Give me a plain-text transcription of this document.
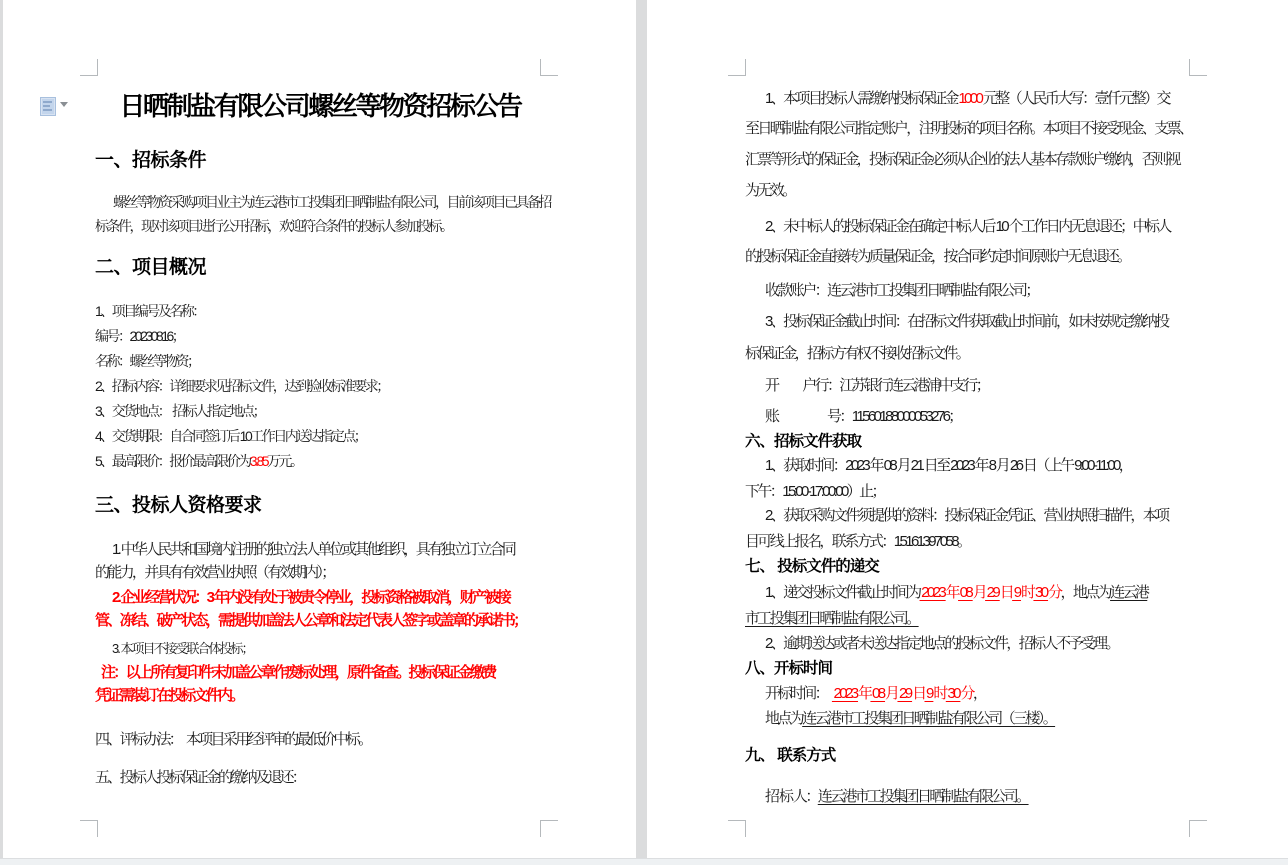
日晒制盐有限公司螺丝等物资招标公告
一、招标条件
螺丝等物资采购项目业主为连云港市工投集团日晒制盐有限公司，目前该项目已具备招
标条件，现对该项目进行公开招标，欢迎符合条件的投标人参加投标。
二、项目概况
1、项目编号及名称：
编号：20230816；
名称：螺丝等物资；
2、招标内容：详细要求见招标文件，达到验收标准要求；
3、交货地点：  招标人指定地点；
4、交货期限：自合同签订后 10工作日内送达指定点；
5、最高限价：报价最高限价为3.85万元。
三、投标人资格要求
1. 中华人民共和国境内注册的独立法人单位或其他组织，具有独立订立合同
的能力，并具有有效营业执照（有效期内）；
2. 企业经营状况：3 年内没有处于被责令停业，投标资格被取消，财产被接
管、冻结、破产状态，需提供加盖法人公章和法定代表人签字或盖章的承诺书；
3. 本项目不接受联合体投标；
注：以上所有复印件未加盖公章作废标处理，原件备查。投标保证金缴费
凭证需装订在投标文件内。
四、评标办法：　本项目采用经评审的最低价中标。
五、投标人投标保证金的缴纳及退还：
1、本项目投标人需缴纳投标保证金 1000 元整（人民币大写：壹仟元整）交
至日晒制盐有限公司指定账户，注明投标的项目名称。本项目不接受现金、支票、
汇票等形式的保证金，投标保证金必须从企业的法人基本存款账户缴纳，否则视
为无效。
2、未中标人的投标保证金在确定中标人后 10 个工作日内无息退还；中标人
的投标保证金直接转为质量保证金，按合同约定时间原账户无息退还。
收款账户：连云港市工投集团日晒制盐有限公司；
3、投标保证金截止时间：在招标文件获取截止时间前，如未按规定缴纳投
标保证金，招标方有权不接收招标文件。
开　　户行：江苏银行连云港浦中支行；
账　　　　号：11560188000053276；
六、招标文件获取
1、获取时间：2023 年 08 月 21 日至 2023 年 8 月 26 日（上午 9:00-11:00，
下午：15:00-17:00:00）止；
2、获取采购文件须提供的资料：投标保证金凭证、营业执照扫描件，本项
目可线上报名，联系方式：15161397058。
七、 投标文件的递交
1、递交投标文件截止时间为 2023 年 08 月 29 日 9 时 30 分，地点为连云港
市工投集团日晒制盐有限公司。
2、逾期送达或者未送达指定地点的投标文件，招标人不予受理。
八、开标时间
开标时间：　 2023 年 08 月 29 日 9 时 30 分，
地点为连云港市工投集团日晒制盐有限公司（三楼）。
九、 联系方式
招 标 人：连云港市工投集团日晒制盐有限公司。
